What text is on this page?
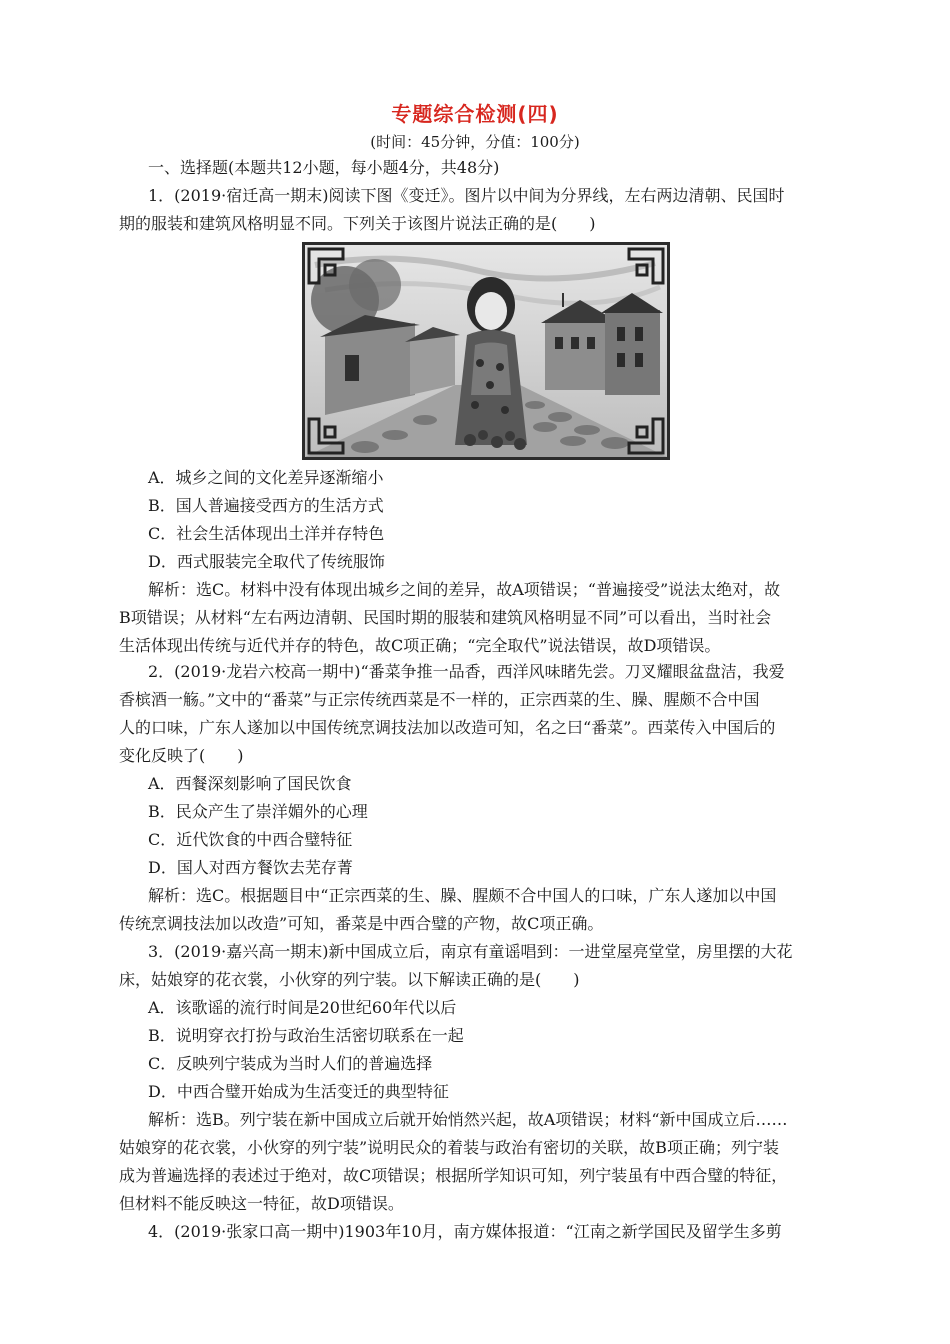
专题综合检测(四)
(时间：45分钟，分值：100分)
一、选择题(本题共12小题，每小题4分，共48分)
1．(2019·宿迁高一期末)阅读下图《变迁》。图片以中间为分界线，左右两边清朝、民国时
期的服装和建筑风格明显不同。下列关于该图片说法正确的是(　　)
A．城乡之间的文化差异逐渐缩小
B．国人普遍接受西方的生活方式
C．社会生活体现出土洋并存特色
D．西式服装完全取代了传统服饰
解析：选C。材料中没有体现出城乡之间的差异，故A项错误；“普遍接受”说法太绝对，故
B项错误；从材料“左右两边清朝、民国时期的服装和建筑风格明显不同”可以看出，当时社会
生活体现出传统与近代并存的特色，故C项正确；“完全取代”说法错误，故D项错误。
2．(2019·龙岩六校高一期中)“番菜争推一品香，西洋风味睹先尝。刀叉耀眼盆盘洁，我爱
香槟酒一觞。”文中的“番菜”与正宗传统西菜是不一样的，正宗西菜的生、臊、腥颇不合中国
人的口味，广东人遂加以中国传统烹调技法加以改造可知，名之曰“番菜”。西菜传入中国后的
变化反映了(　　)
A．西餐深刻影响了国民饮食
B．民众产生了崇洋媚外的心理
C．近代饮食的中西合璧特征
D．国人对西方餐饮去芜存菁
解析：选C。根据题目中“正宗西菜的生、臊、腥颇不合中国人的口味，广东人遂加以中国
传统烹调技法加以改造”可知，番菜是中西合璧的产物，故C项正确。
3．(2019·嘉兴高一期末)新中国成立后，南京有童谣唱到：一进堂屋亮堂堂，房里摆的大花
床，姑娘穿的花衣裳，小伙穿的列宁装。以下解读正确的是(　　)
A．该歌谣的流行时间是20世纪60年代以后
B．说明穿衣打扮与政治生活密切联系在一起
C．反映列宁装成为当时人们的普遍选择
D．中西合璧开始成为生活变迁的典型特征
解析：选B。列宁装在新中国成立后就开始悄然兴起，故A项错误；材料“新中国成立后……
姑娘穿的花衣裳，小伙穿的列宁装”说明民众的着装与政治有密切的关联，故B项正确；列宁装
成为普遍选择的表述过于绝对，故C项错误；根据所学知识可知，列宁装虽有中西合璧的特征，
但材料不能反映这一特征，故D项错误。
4．(2019·张家口高一期中)1903年10月，南方媒体报道：“江南之新学国民及留学生多剪
